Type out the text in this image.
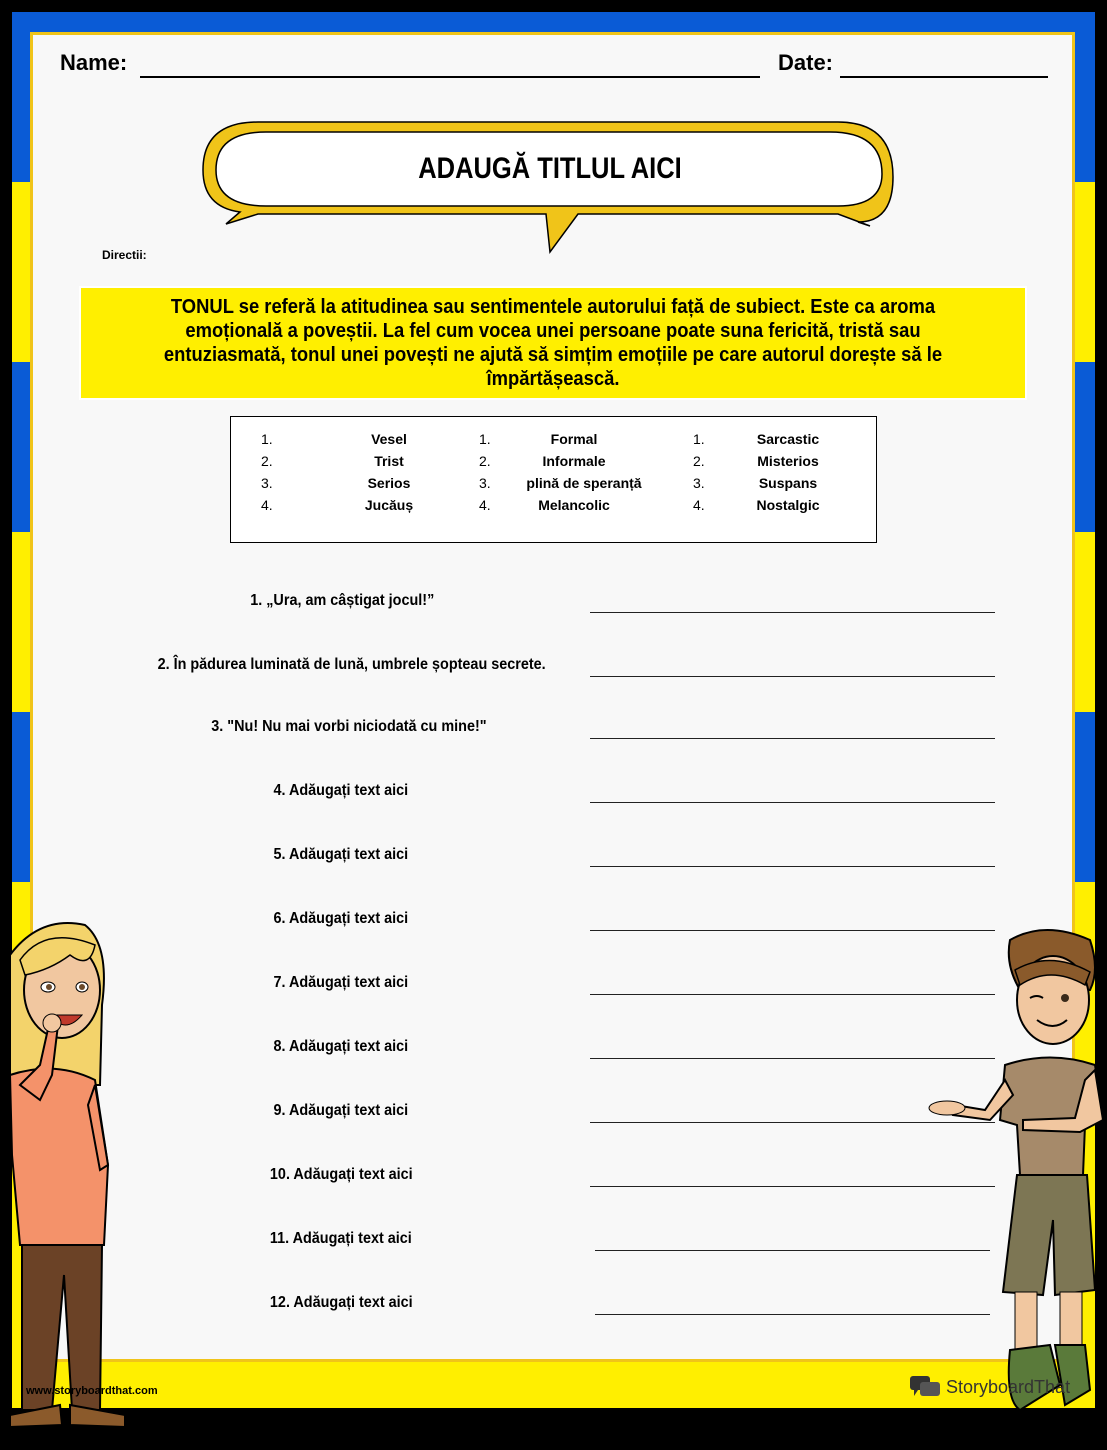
Name:	Date:
ADAUGĂ TITLUL AICI
Directii:

TONUL se referă la atitudinea sau sentimentele autorului față de subiect. Este ca aroma emoțională a poveștii. La fel cum vocea unei persoane poate suna fericită, tristă sau entuziasmată, tonul unei povești ne ajută să simțim emoțiile pe care autorul dorește să le împărtășească.

1.	Vesel
2.	Trist
3.	Serios
4.	Jucăuș
1.	Formal
2.	Informale
3.	plină de speranță
4.	Melancolic
1.	Sarcastic
2.	Misterios
3.	Suspans
4.	Nostalgic
1. „Ura, am câștigat jocul!”
2. În pădurea luminată de lună, umbrele șopteau secrete.
3. "Nu! Nu mai vorbi niciodată cu mine!"
4. Adăugați text aici
5. Adăugați text aici
6. Adăugați text aici
7. Adăugați text aici
8. Adăugați text aici
9. Adăugați text aici
10. Adăugați text aici
11. Adăugați text aici
12. Adăugați text aici
www.storyboardthat.com	StoryboardThat
